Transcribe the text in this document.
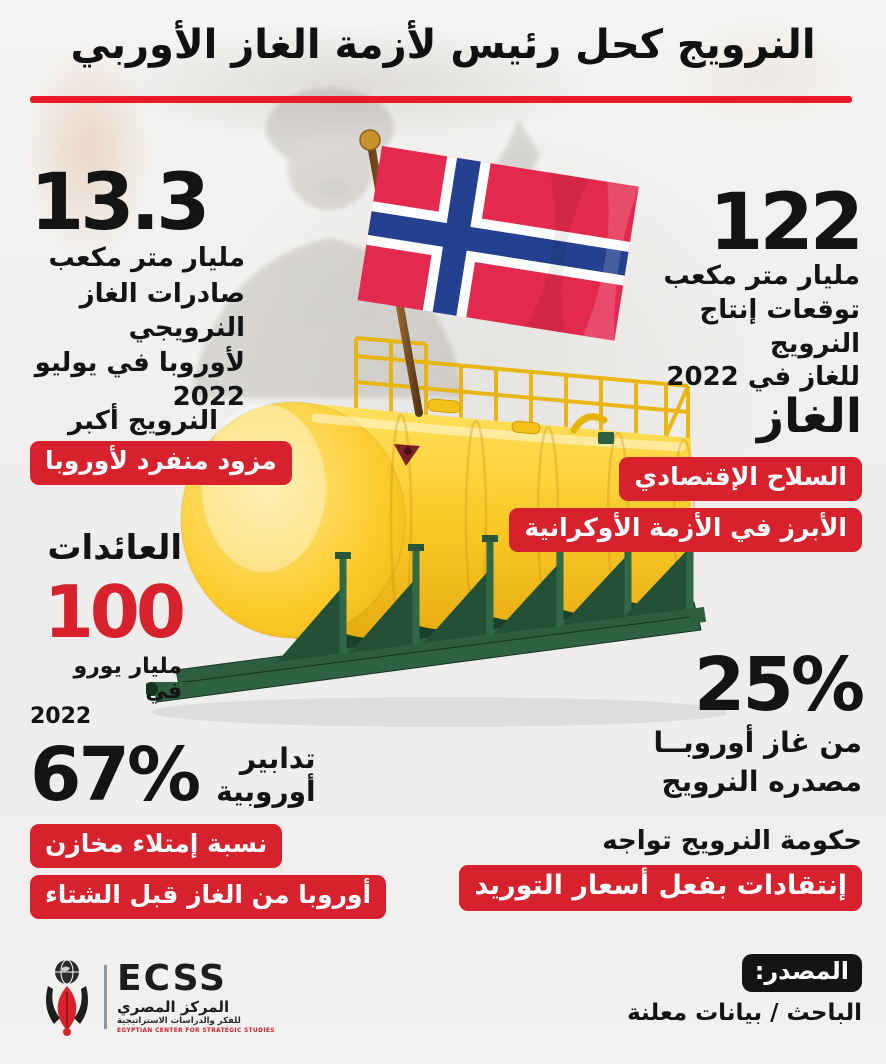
النرويج كحل رئيس لأزمة الغاز الأوربي
13.3
مليار متر مكعب
صادرات الغاز النرويجي
لأوروبا في يوليو 2022
122
مليار متر مكعب
توقعات إنتاج النرويج
للغاز في 2022
النرويج أكبر
مزود منفرد لأوروبا
الغاز
السلاح الإقتصادي
الأبرز في الأزمة الأوكرانية
العائدات
100
مليار يورو في
2022	25%
من غاز أوروبــا
مصدره النرويج
67%	تدابير
أوروبية
نسبة إمتلاء مخازن
أوروبا من الغاز قبل الشتاء
حكومة النرويج تواجه
إنتقادات بفعل أسعار التوريد
المصدر:
الباحث / بيانات معلنة
ECSS
المركز المصري
للفكر والدراسات الاستراتيجية
EGYPTIAN CENTER FOR STRATEGIC STUDIES
